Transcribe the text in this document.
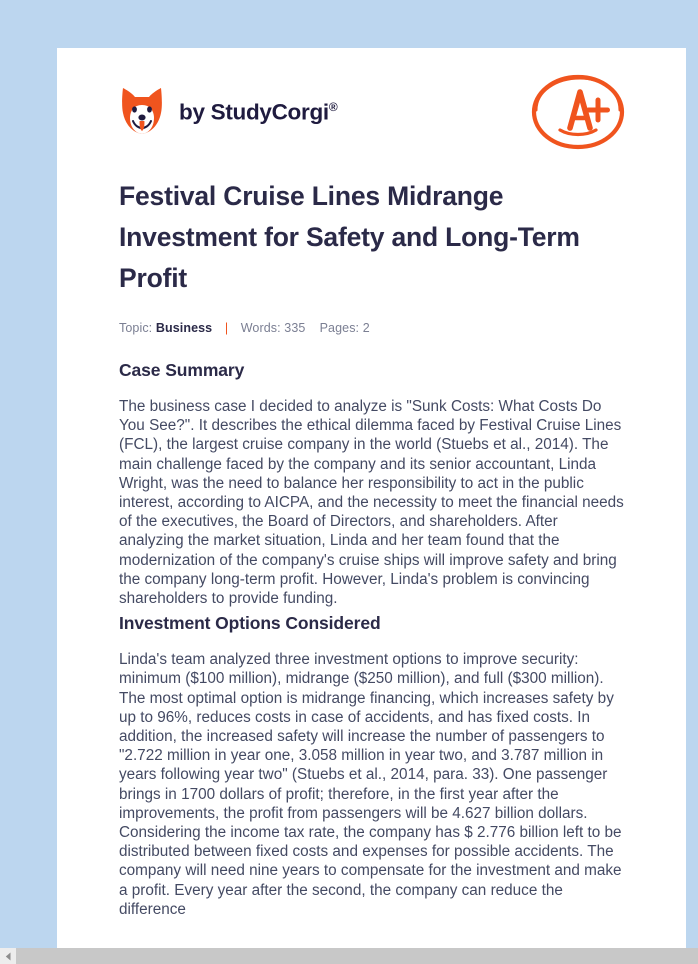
by StudyCorgi®
Festival Cruise Lines Midrange Investment for Safety and Long-Term Profit
Topic: Business | Words: 335 Pages: 2
Case Summary

The business case I decided to analyze is "Sunk Costs: What Costs Do You See?". It describes the ethical dilemma faced by Festival Cruise Lines (FCL), the largest cruise company in the world (Stuebs et al., 2014). The main challenge faced by the company and its senior accountant, Linda Wright, was the need to balance her responsibility to act in the public interest, according to AICPA, and the necessity to meet the financial needs of the executives, the Board of Directors, and shareholders. After analyzing the market situation, Linda and her team found that the modernization of the company's cruise ships will improve safety and bring the company long-term profit. However, Linda's problem is convincing shareholders to provide funding.

Investment Options Considered

Linda's team analyzed three investment options to improve security: minimum ($100 million), midrange ($250 million), and full ($300 million). The most optimal option is midrange financing, which increases safety by up to 96%, reduces costs in case of accidents, and has fixed costs. In addition, the increased safety will increase the number of passengers to "2.722 million in year one, 3.058 million in year two, and 3.787 million in years following year two" (Stuebs et al., 2014, para. 33). One passenger brings in 1700 dollars of profit; therefore, in the first year after the improvements, the profit from passengers will be 4.627 billion dollars. Considering the income tax rate, the company has $ 2.776 billion left to be distributed between fixed costs and expenses for possible accidents. The company will need nine years to compensate for the investment and make a profit. Every year after the second, the company can reduce the difference
